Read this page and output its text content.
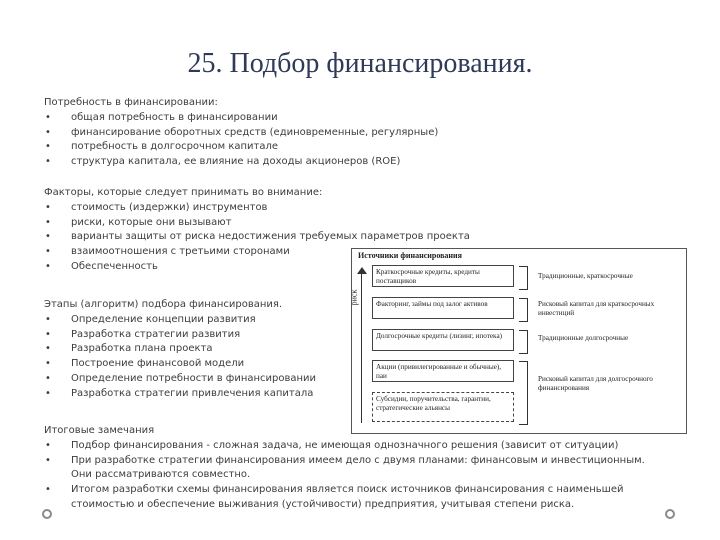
25. Подбор финансирования.
Потребность в финансировании:
• общая потребность в финансировании
• финансирование оборотных средств (единовременные, регулярные)
• потребность в долгосрочном капитале
• структура капитала, ее влияние на доходы акционеров (ROE)
Факторы, которые следует принимать во внимание:
• стоимость (издержки) инструментов
• риски, которые они вызывают
• варианты защиты от риска недостижения требуемых параметров проекта
• взаимоотношения с третьими сторонами
• Обеспеченность
Этапы (алгоритм) подбора финансирования.
• Определение концепции развития
• Разработка стратегии развития
• Разработка плана проекта
• Построение финансовой модели
• Определение потребности в финансировании
• Разработка стратегии привлечения капитала
Итоговые замечания
• Подбор финансирования - сложная задача, не имеющая однозначного решения (зависит от ситуации)
• При разработке стратегии финансирования имеем дело с двумя планами: финансовым и инвестиционным. Они рассматриваются совместно.
• Итогом разработки схемы финансирования является поиск источников финансирования с наименьшей стоимостью и обеспечение выживания (устойчивости) предприятия, учитывая степени риска.
Источники финансирования
риск
Краткосрочные кредиты, кредиты поставщиков
Факторинг, займы под залог активов
Долгосрочные кредиты (лизинг, ипотека)
Акции (привилегированные и обычные), паи
Субсидии, поручительства, гарантии, стратегические альянсы
Традиционные, краткосрочные
Рисковый капитал для краткосрочных инвестиций
Традиционные долгосрочные
Рисковый капитал для долгосрочного финансирования
